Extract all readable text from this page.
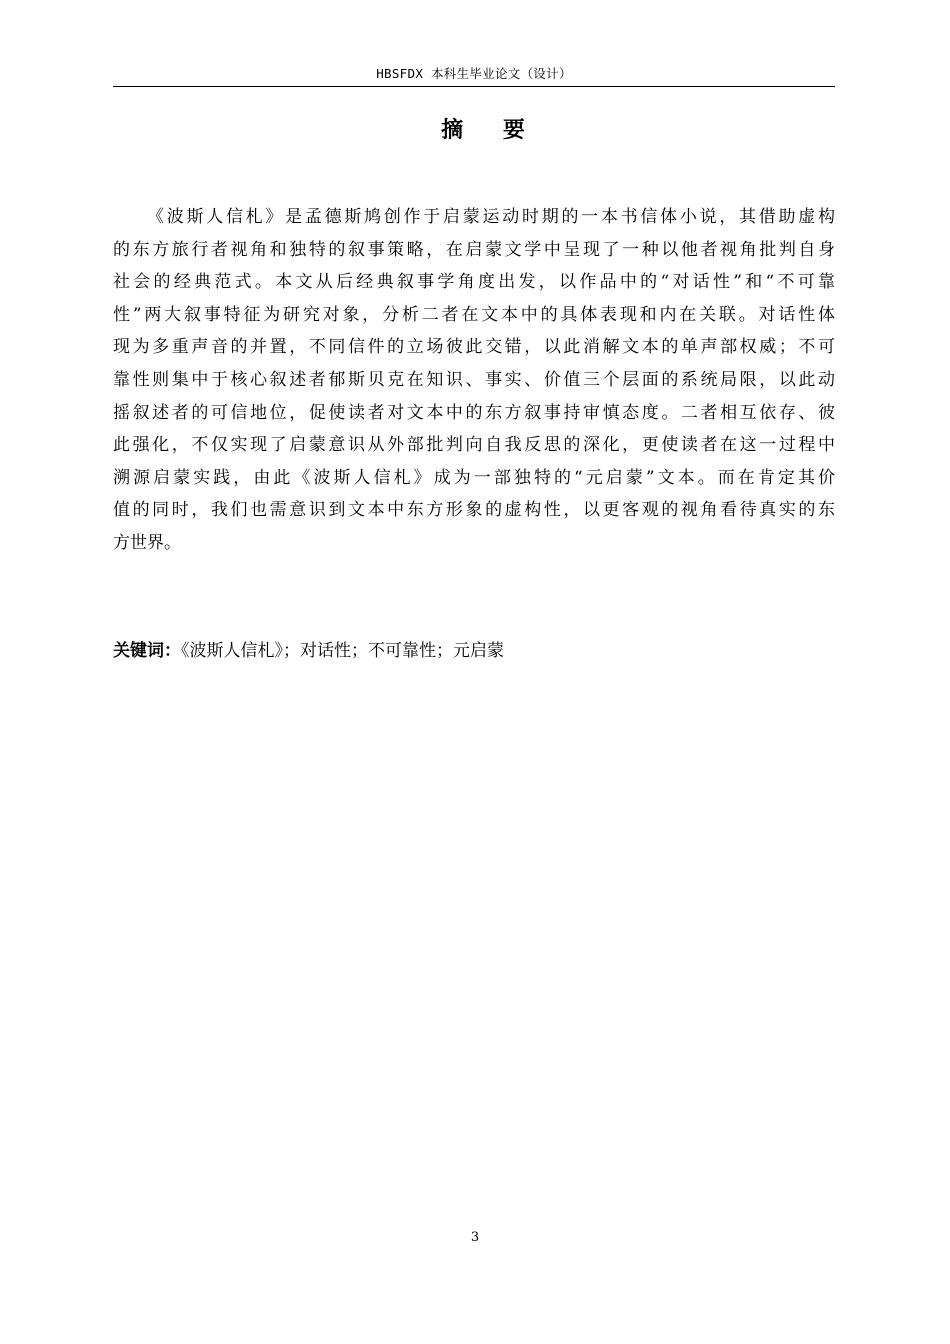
HBSFDX 本科生毕业论文（设计）
摘 要
《波斯人信札》是孟德斯鸠创作于启蒙运动时期的一本书信体小说，其借助虚构
的东方旅行者视角和独特的叙事策略，在启蒙文学中呈现了一种以他者视角批判自身
社会的经典范式。本文从后经典叙事学角度出发，以作品中的“对话性”和“不可靠
性”两大叙事特征为研究对象，分析二者在文本中的具体表现和内在关联。对话性体
现为多重声音的并置，不同信件的立场彼此交错，以此消解文本的单声部权威；不可
靠性则集中于核心叙述者郁斯贝克在知识、事实、价值三个层面的系统局限，以此动
摇叙述者的可信地位，促使读者对文本中的东方叙事持审慎态度。二者相互依存、彼
此强化，不仅实现了启蒙意识从外部批判向自我反思的深化，更使读者在这一过程中
溯源启蒙实践，由此《波斯人信札》成为一部独特的“元启蒙”文本。而在肯定其价
值的同时，我们也需意识到文本中东方形象的虚构性，以更客观的视角看待真实的东
方世界。
关键词：《波斯人信札》；对话性；不可靠性；元启蒙
3
